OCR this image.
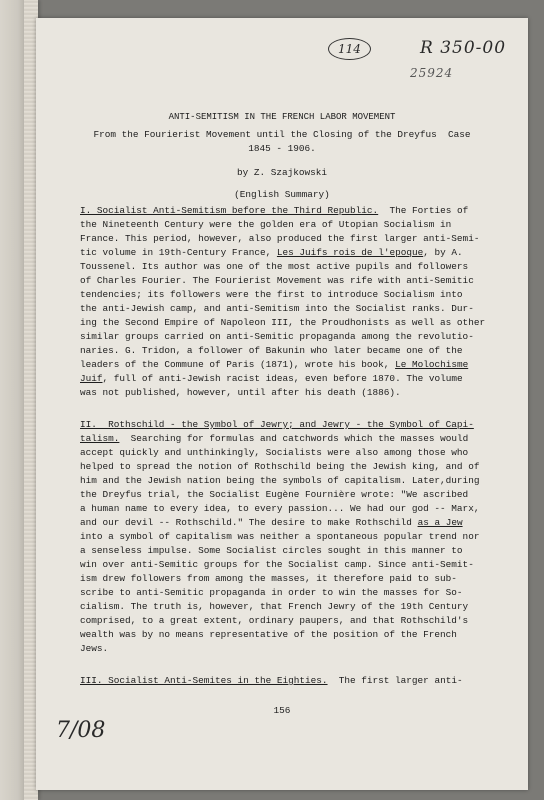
114	R 350-00
25924
ANTI-SEMITISM IN THE FRENCH LABOR MOVEMENT
From the Fourierist Movement until the Closing of the Dreyfus  Case
1845 - 1906.
by Z. Szajkowski
(English Summary)
I. Socialist Anti-Semitism before the Third Republic.  The Forties of
the Nineteenth Century were the golden era of Utopian Socialism in
France. This period, however, also produced the first larger anti-Semi-
tic volume in 19th-Century France, Les Juifs rois de l'epoque, by A.
Toussenel. Its author was one of the most active pupils and followers
of Charles Fourier. The Fourierist Movement was rife with anti-Semitic
tendencies; its followers were the first to introduce Socialism into
the anti-Jewish camp, and anti-Semitism into the Socialist ranks. Dur-
ing the Second Empire of Napoleon III, the Proudhonists as well as other
similar groups carried on anti-Semitic propaganda among the revolutio-
naries. G. Tridon, a follower of Bakunin who later became one of the
leaders of the Commune of Paris (1871), wrote his book, Le Molochisme
Juif, full of anti-Jewish racist ideas, even before 1870. The volume
was not published, however, until after his death (1886).
II.  Rothschild - the Symbol of Jewry; and Jewry - the Symbol of Capi-
talism.  Searching for formulas and catchwords which the masses would
accept quickly and unthinkingly, Socialists were also among those who
helped to spread the notion of Rothschild being the Jewish king, and of
him and the Jewish nation being the symbols of capitalism. Later,during
the Dreyfus trial, the Socialist Eugène Fournière wrote: "We ascribed
a human name to every idea, to every passion... We had our god -- Marx,
and our devil -- Rothschild." The desire to make Rothschild as a Jew
into a symbol of capitalism was neither a spontaneous popular trend nor
a senseless impulse. Some Socialist circles sought in this manner to
win over anti-Semitic groups for the Socialist camp. Since anti-Semit-
ism drew followers from among the masses, it therefore paid to sub-
scribe to anti-Semitic propaganda in order to win the masses for So-
cialism. The truth is, however, that French Jewry of the 19th Century
comprised, to a great extent, ordinary paupers, and that Rothschild's
wealth was by no means representative of the position of the French
Jews.
III. Socialist Anti-Semites in the Eighties.  The first larger anti-
156
7/08
